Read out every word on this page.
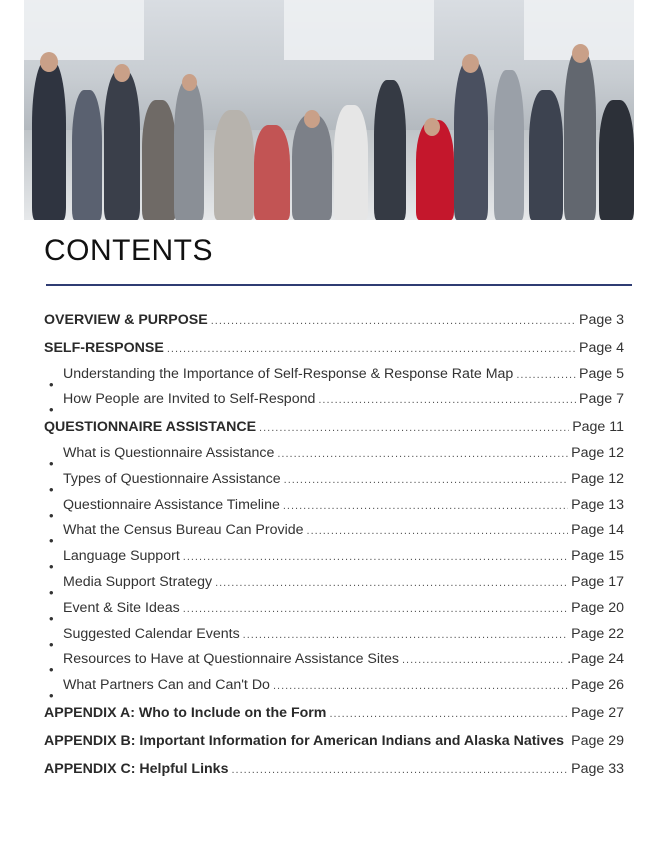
CONTENTS
OVERVIEW & PURPOSE .....	Page 3
SELF-RESPONSE .....	Page 4
Understanding the Importance of Self-Response & Response Rate Map .....	Page 5
How People are Invited to Self-Respond .....	Page 7
QUESTIONNAIRE ASSISTANCE .....	Page 11
What is Questionnaire Assistance .....	Page 12
Types of Questionnaire Assistance .....	Page 12
Questionnaire Assistance Timeline .....	Page 13
What the Census Bureau Can Provide .....	Page 14
Language Support .....	Page 15
Media Support Strategy .....	Page 17
Event & Site Ideas .....	Page 20
Suggested Calendar Events .....	Page 22
Resources to Have at Questionnaire Assistance Sites .....	.Page 24
What Partners Can and Can't Do .....	Page 26
APPENDIX A: Who to Include on the Form .....	Page 27
APPENDIX B: Important Information for American Indians and Alaska Natives ..... Page 29
APPENDIX C: Helpful Links .....	Page 33
